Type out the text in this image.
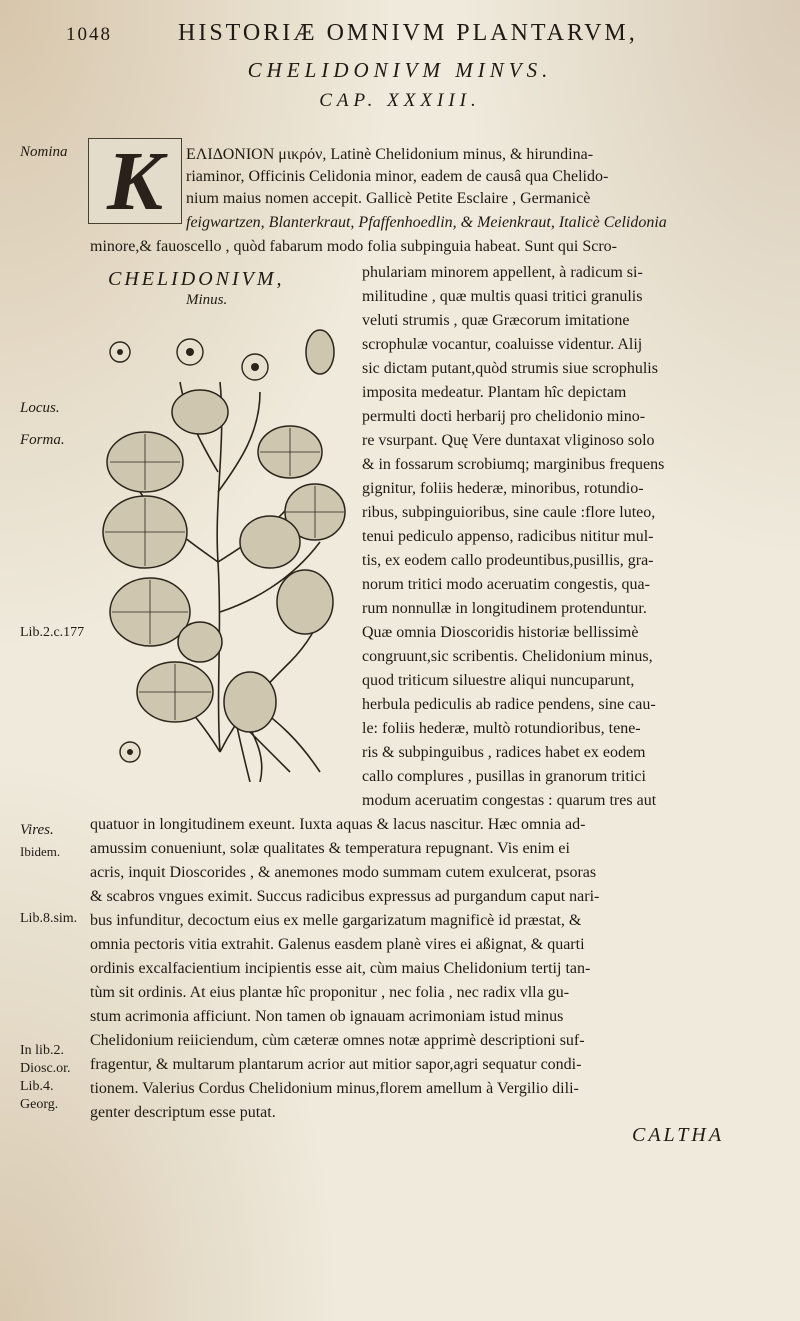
1048	HISTORIÆ OMNIVM PLANTARVM,
CHELIDONIVM MINVS.
CAP. XXXIII.
K
Nomina
Locus.
Forma.
Lib.2.c.177
Vires.
Ibidem.
Lib.8.sim.
In lib.2.
Diosc.or.
Lib.4.
Georg.
CHELIDONIVM,
Minus.
ΕΛΙΔΟΝΙΟΝ μικρόν, Latinè Chelidonium minus, & hirundina-
riaminor, Officinis Celidonia minor, eadem de causâ qua Chelido-
nium maius nomen accepit. Gallicè Petite Esclaire , Germanicè
feigwartzen, Blanterkraut, Pfaffenhoedlin, & Meienkraut, Italicè Celidonia
minore,& fauoscello , quòd fabarum modo folia subpinguia habeat. Sunt qui Scro-
phulariam minorem appellent, à radicum si-
militudine , quæ multis quasi tritici granulis
veluti strumis , quæ Græcorum imitatione
scrophulæ vocantur, coaluisse videntur. Alij
sic dictam putant,quòd strumis siue scrophulis
imposita medeatur. Plantam hîc depictam
permulti docti herbarij pro chelidonio mino-
re vsurpant. Quę Vere duntaxat vliginoso solo
& in fossarum scrobiumq; marginibus frequens
gignitur, foliis hederæ, minoribus, rotundio-
ribus, subpinguioribus, sine caule :flore luteo,
tenui pediculo appenso, radicibus nititur mul-
tis, ex eodem callo prodeuntibus,pusillis, gra-
norum tritici modo aceruatim congestis, qua-
rum nonnullæ in longitudinem protenduntur.
Quæ omnia Dioscoridis historiæ bellissimè
congruunt,sic scribentis. Chelidonium minus,
quod triticum siluestre aliqui nuncuparunt,
herbula pediculis ab radice pendens, sine cau-
le: foliis hederæ, multò rotundioribus, tene-
ris & subpinguibus , radices habet ex eodem
callo complures , pusillas in granorum tritici
modum aceruatim congestas : quarum tres aut
quatuor in longitudinem exeunt. Iuxta aquas & lacus nascitur. Hæc omnia ad-
amussim conueniunt, solæ qualitates & temperatura repugnant. Vis enim ei
acris, inquit Dioscorides , & anemones modo summam cutem exulcerat, psoras
& scabros vngues eximit. Succus radicibus expressus ad purgandum caput nari-
bus infunditur, decoctum eius ex melle gargarizatum magnificè id præstat, &
omnia pectoris vitia extrahit. Galenus easdem planè vires ei aßignat, & quarti
ordinis excalfacientium incipientis esse ait, cùm maius Chelidonium tertij tan-
tùm sit ordinis. At eius plantæ hîc proponitur , nec folia , nec radix vlla gu-
stum acrimonia afficiunt. Non tamen ob ignauam acrimoniam istud minus
Chelidonium reiiciendum, cùm cæteræ omnes notæ apprimè descriptioni suf-
fragentur, & multarum plantarum acrior aut mitior sapor,agri sequatur condi-
tionem. Valerius Cordus Chelidonium minus,florem amellum à Vergilio dili-
genter descriptum esse putat.
CALTHA
